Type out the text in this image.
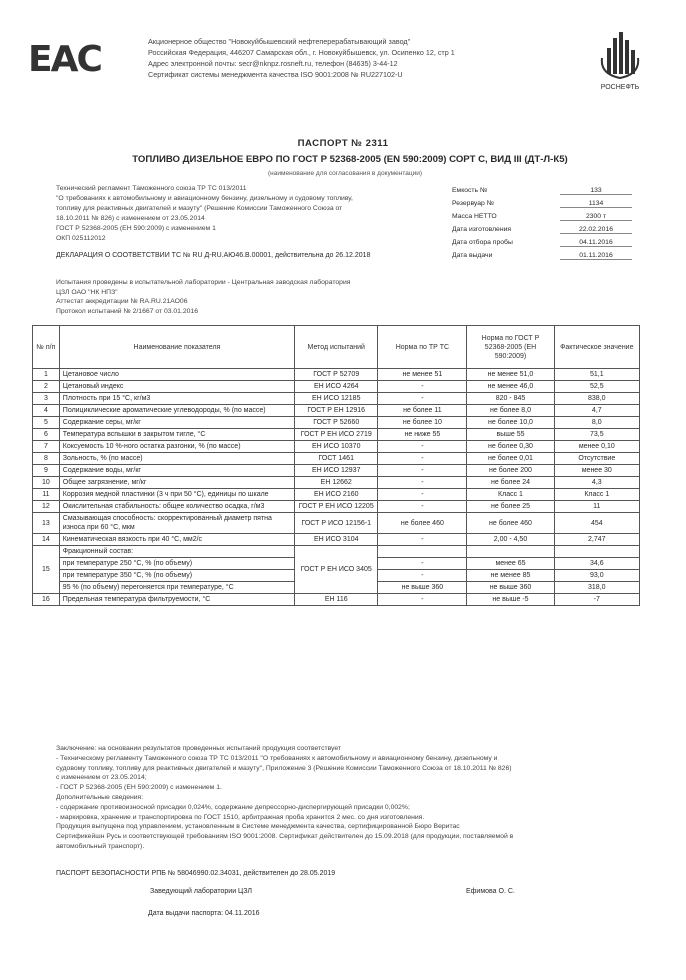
EAC	Акционерное общество "Новокуйбышевский нефтеперерабатывающий завод"
Российская Федерация, 446207 Самарская обл., г. Новокуйбышевск, ул. Осипенко 12, стр 1
Адрес электронной почты: secr@nknpz.rosneft.ru, телефон (84635) 3-44-12
Сертификат системы менеджмента качества ISO 9001:2008 № RU227102-U
РОСНЕФТЬ
ПАСПОРТ № 2311
ТОПЛИВО ДИЗЕЛЬНОЕ ЕВРО ПО ГОСТ Р 52368-2005 (EN 590:2009) СОРТ С, ВИД III (ДТ-Л-К5)
(наименование для согласования в документации)
Технический регламент Таможенного союза ТР ТС 013/2011
"О требованиях к автомобильному и авиационному бензину, дизельному и судовому топливу,
топливу для реактивных двигателей и мазуту" (Решение Комиссии Таможенного Союза от
18.10.2011 № 826) с изменением от 23.05.2014
ГОСТ Р 52368-2005 (ЕН 590:2009) с изменением 1
ОКП 025112012
Емкость №	133
Резервуар №	1134
Масса НЕТТО	2300 т
Дата изготовления	22.02.2016
Дата отбора пробы	04.11.2016
Дата выдачи	01.11.2016
ДЕКЛАРАЦИЯ О СООТВЕТСТВИИ ТС № RU Д-RU.АЮ46.В.00001, действительна до 26.12.2018
Испытания проведены в испытательной лаборатории - Центральная заводская лаборатория
ЦЗЛ ОАО "НК НПЗ"
Аттестат аккредитации № RA.RU.21АО06
Протокол испытаний № 2/1667 от 03.01.2016
№ п/п	Наименование показателя	Метод испытаний	Норма по ТР ТС	Норма по ГОСТ Р 52368-2005 (EH 590:2009)	Фактическое значение
1	Цетановое число	ГОСТ Р 52709	не менее 51	не менее 51,0	51,1
2	Цетановый индекс	EH ИСО 4264	-	не менее 46,0	52,5
3	Плотность при 15 °С, кг/м3	EH ИСО 12185	-	820 - 845	838,0
4	Полициклические ароматические углеводороды, % (по массе)	ГОСТ Р ЕН 12916	не более 11	не более 8,0	4,7
5	Содержание серы, мг/кг	ГОСТ Р 52660	не более 10	не более 10,0	8,0
6	Температура вспышки в закрытом тигле, °С	ГОСТ Р ЕН ИСО 2719	не ниже 55	выше 55	73,5
7	Коксуемость 10 %-ного остатка разгонки, % (по массе)	EH ИСО 10370	-	не более 0,30	менее 0,10
8	Зольность, % (по массе)	ГОСТ 1461	-	не более 0,01	Отсутствие
9	Содержание воды, мг/кг	EH ИСО 12937	-	не более 200	менее 30
10	Общее загрязнение, мг/кг	EH 12662	-	не более 24	4,3
11	Коррозия медной пластинки (3 ч при 50 °С), единицы по шкале	EH ИСО 2160	-	Класс 1	Класс 1
12	Окислительная стабильность: общее количество осадка, г/м3	ГОСТ Р ЕН ИСО 12205	-	не более 25	11
13	Смазывающая способность: скорректированный диаметр пятна износа при 60 °С, мкм	ГОСТ Р ИСО 12156-1	не более 460	не более 460	454
14	Кинематическая вязкость при 40 °С, мм2/с	EH ИСО 3104	-	2,00 - 4,50	2,747
15	Фракционный состав:	ГОСТ Р ЕН ИСО 3405			
	при температуре 250 °С, % (по объему)		-	менее 65	34,6
	при температуре 350 °С, % (по объему)		-	не менее 85	93,0
	95 % (по объему) перегоняется при температуре, °С		не выше 360	не выше 360	318,0
16	Предельная температура фильтруемости, °С	EH 116	-	не выше -5	-7
Заключение: на основании результатов проведенных испытаний продукция соответствует
- Техническому регламенту Таможенного союза ТР ТС 013/2011 "О требованиях к автомобильному и авиационному бензину, дизельному и
судовому топливу, топливу для реактивных двигателей и мазуту", Приложение 3 (Решение Комиссии Таможенного Союза от 18.10.2011 № 826)
с изменением от 23.05.2014;
- ГОСТ Р 52368-2005 (ЕН 590:2009) с изменением 1.
Дополнительные сведения:
- содержание противоизносной присадки 0,024%, содержание депрессорно-диспергирующей присадки 0,002%;
- маркировка, хранение и транспортировка по ГОСТ 1510, арбитражная проба хранится 2 мес. со дня изготовления.
Продукция выпущена под управлением, установленным в Системе менеджмента качества, сертифицированной Бюро Веритас
Сертификейшн Русь и соответствующей требованиям ISO 9001:2008. Сертификат действителен до 15.09.2018 (для продукции, поставляемой в
автомобильный транспорт).
ПАСПОРТ БЕЗОПАСНОСТИ РПБ № 58046990.02.34031, действителен до 28.05.2019
Заведующий лаборатории ЦЗЛ	Ефимова О. С.
Дата выдачи паспорта: 04.11.2016
